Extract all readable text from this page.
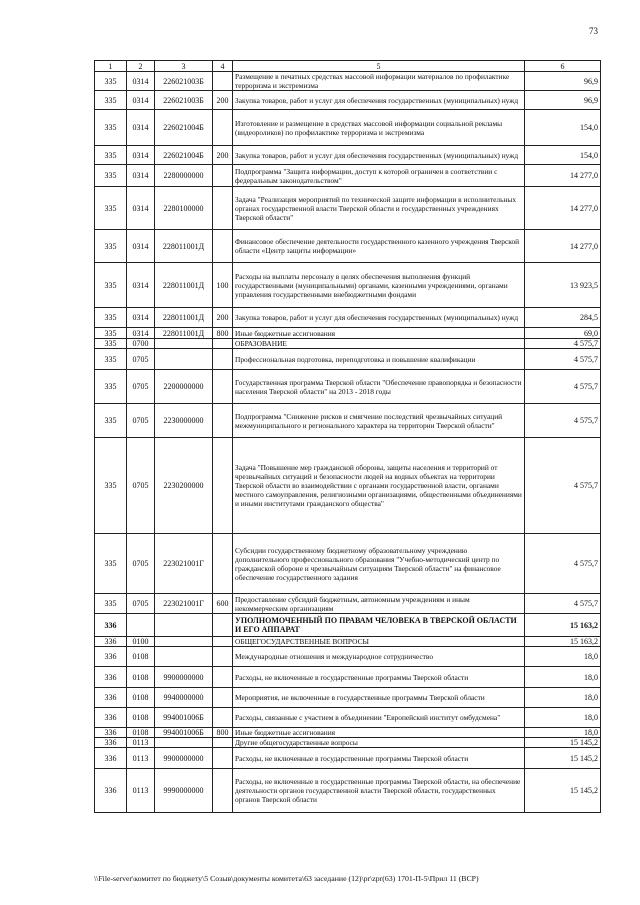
73
1	2	3	4	5	6
335	0314	226021003Б		Размещение в печатных средствах массовой информации материалов по профилактике терроризма и экстремизма	96,9
335	0314	226021003Б	200	Закупка товаров, работ и услуг для обеспечения государственных (муниципальных) нужд	96,9
335	0314	226021004Б		Изготовление и размещение в средствах массовой информации социальной рекламы (видеороликов) по профилактике терроризма и экстремизма	154,0
335	0314	226021004Б	200	Закупка товаров, работ и услуг для обеспечения государственных (муниципальных) нужд	154,0
335	0314	2280000000		Подпрограмма "Защита информации, доступ к которой ограничен в соответствии с федеральным законодательством"	14 277,0
335	0314	2280100000		Задача "Реализация мероприятий по технической защите информации в исполнительных органах государственной власти Тверской области и государственных учреждениях Тверской области"	14 277,0
335	0314	228011001Д		Финансовое обеспечение деятельности государственного казенного учреждения Тверской области «Центр защиты информации»	14 277,0
335	0314	228011001Д	100	Расходы на выплаты персоналу в целях обеспечения выполнения функций государственными (муниципальными) органами, казенными учреждениями, органами управления государственными внебюджетными фондами	13 923,5
335	0314	228011001Д	200	Закупка товаров, работ и услуг для обеспечения государственных (муниципальных) нужд	284,5
335	0314	228011001Д	800	Иные бюджетные ассигнования	69,0
335	0700			ОБРАЗОВАНИЕ	4 575,7
335	0705			Профессиональная подготовка, переподготовка и повышение квалификации	4 575,7
335	0705	2200000000		Государственная программа Тверской области "Обеспечение правопорядка и безопасности населения Тверской области" на 2013 - 2018 годы	4 575,7
335	0705	2230000000		Подпрограмма "Снижение рисков и смягчение последствий чрезвычайных ситуаций межмуниципального и регионального характера на территории Тверской области"	4 575,7
335	0705	2230200000		Задача "Повышение мер гражданской обороны, защиты населения и территорий от чрезвычайных ситуаций и безопасности людей на водных объектах на территории Тверской области во взаимодействии с органами государственной власти, органами местного самоуправления, религиозными организациями, общественными объединениями и иными институтами гражданского общества"	4 575,7
335	0705	223021001Г		Субсидии государственному бюджетному образовательному учреждению дополнительного профессионального образования "Учебно-методический центр по гражданской обороне и чрезвычайным ситуациям Тверской области" на финансовое обеспечение государственного задания	4 575,7
335	0705	223021001Г	600	Предоставление субсидий бюджетным, автономным учреждениям и иным некоммерческим организациям	4 575,7
336				УПОЛНОМОЧЕННЫЙ ПО ПРАВАМ ЧЕЛОВЕКА В ТВЕРСКОЙ ОБЛАСТИ И ЕГО АППАРАТ	15 163,2
336	0100			ОБЩЕГОСУДАРСТВЕННЫЕ ВОПРОСЫ	15 163,2
336	0108			Международные отношения и международное сотрудничество	18,0
336	0108	9900000000		Расходы, не включенные в государственные программы Тверской области	18,0
336	0108	9940000000		Мероприятия, не включенные в государственные программы Тверской области	18,0
336	0108	994001006Б		Расходы, связанные с участием в объединении "Европейский институт омбудсмена"	18,0
336	0108	994001006Б	800	Иные бюджетные ассигнования	18,0
336	0113			Другие общегосударственные вопросы	15 145,2
336	0113	9900000000		Расходы, не включенные в государственные программы Тверской области	15 145,2
336	0113	9990000000		Расходы, не включенные в государственные программы Тверской области, на обеспечение деятельности органов государственной власти Тверской области, государственных органов Тверской области	15 145,2
\\File-server\комитет по бюджету\5 Созыв\документы комитета\63 заседание (12)\pr\zpr(63) 1701-П-5\Прил 11 (ВСР)
